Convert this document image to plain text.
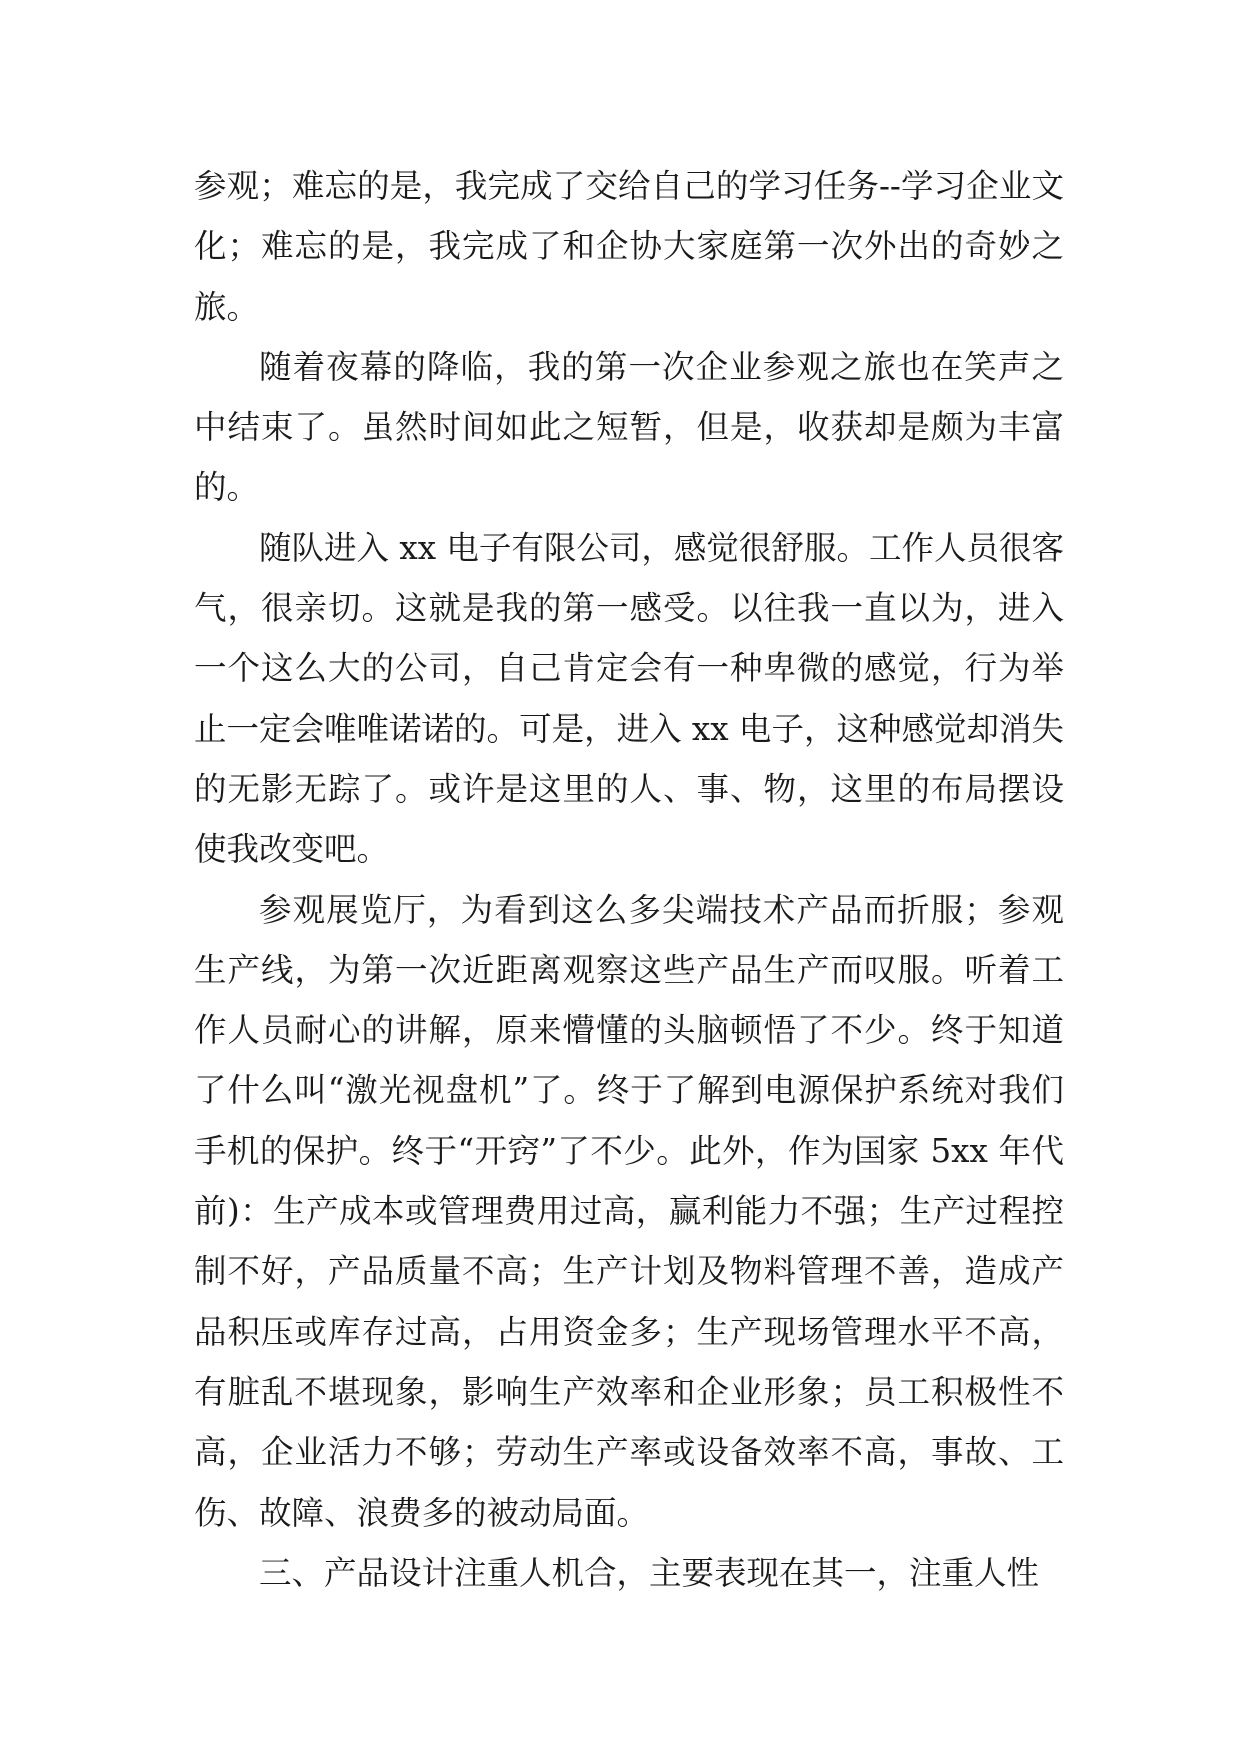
参观；难忘的是，我完成了交给自己的学习任务--学习企业文化；难忘的是，我完成了和企协大家庭第一次外出的奇妙之旅。

随着夜幕的降临，我的第一次企业参观之旅也在笑声之中结束了。虽然时间如此之短暂，但是，收获却是颇为丰富的。

随队进入 xx 电子有限公司，感觉很舒服。工作人员很客气，很亲切。这就是我的第一感受。以往我一直以为，进入一个这么大的公司，自己肯定会有一种卑微的感觉，行为举止一定会唯唯诺诺的。可是，进入 xx 电子，这种感觉却消失的无影无踪了。或许是这里的人、事、物，这里的布局摆设使我改变吧。

参观展览厅，为看到这么多尖端技术产品而折服；参观生产线，为第一次近距离观察这些产品生产而叹服。听着工作人员耐心的讲解，原来懵懂的头脑顿悟了不少。终于知道了什么叫“激光视盘机”了。终于了解到电源保护系统对我们手机的保护。终于“开窍”了不少。此外，作为国家 5xx 年代前)：生产成本或管理费用过高，赢利能力不强；生产过程控制不好，产品质量不高；生产计划及物料管理不善，造成产品积压或库存过高，占用资金多；生产现场管理水平不高，有脏乱不堪现象，影响生产效率和企业形象；员工积极性不高，企业活力不够；劳动生产率或设备效率不高，事故、工伤、故障、浪费多的被动局面。

三、产品设计注重人机合，主要表现在其一，注重人性
